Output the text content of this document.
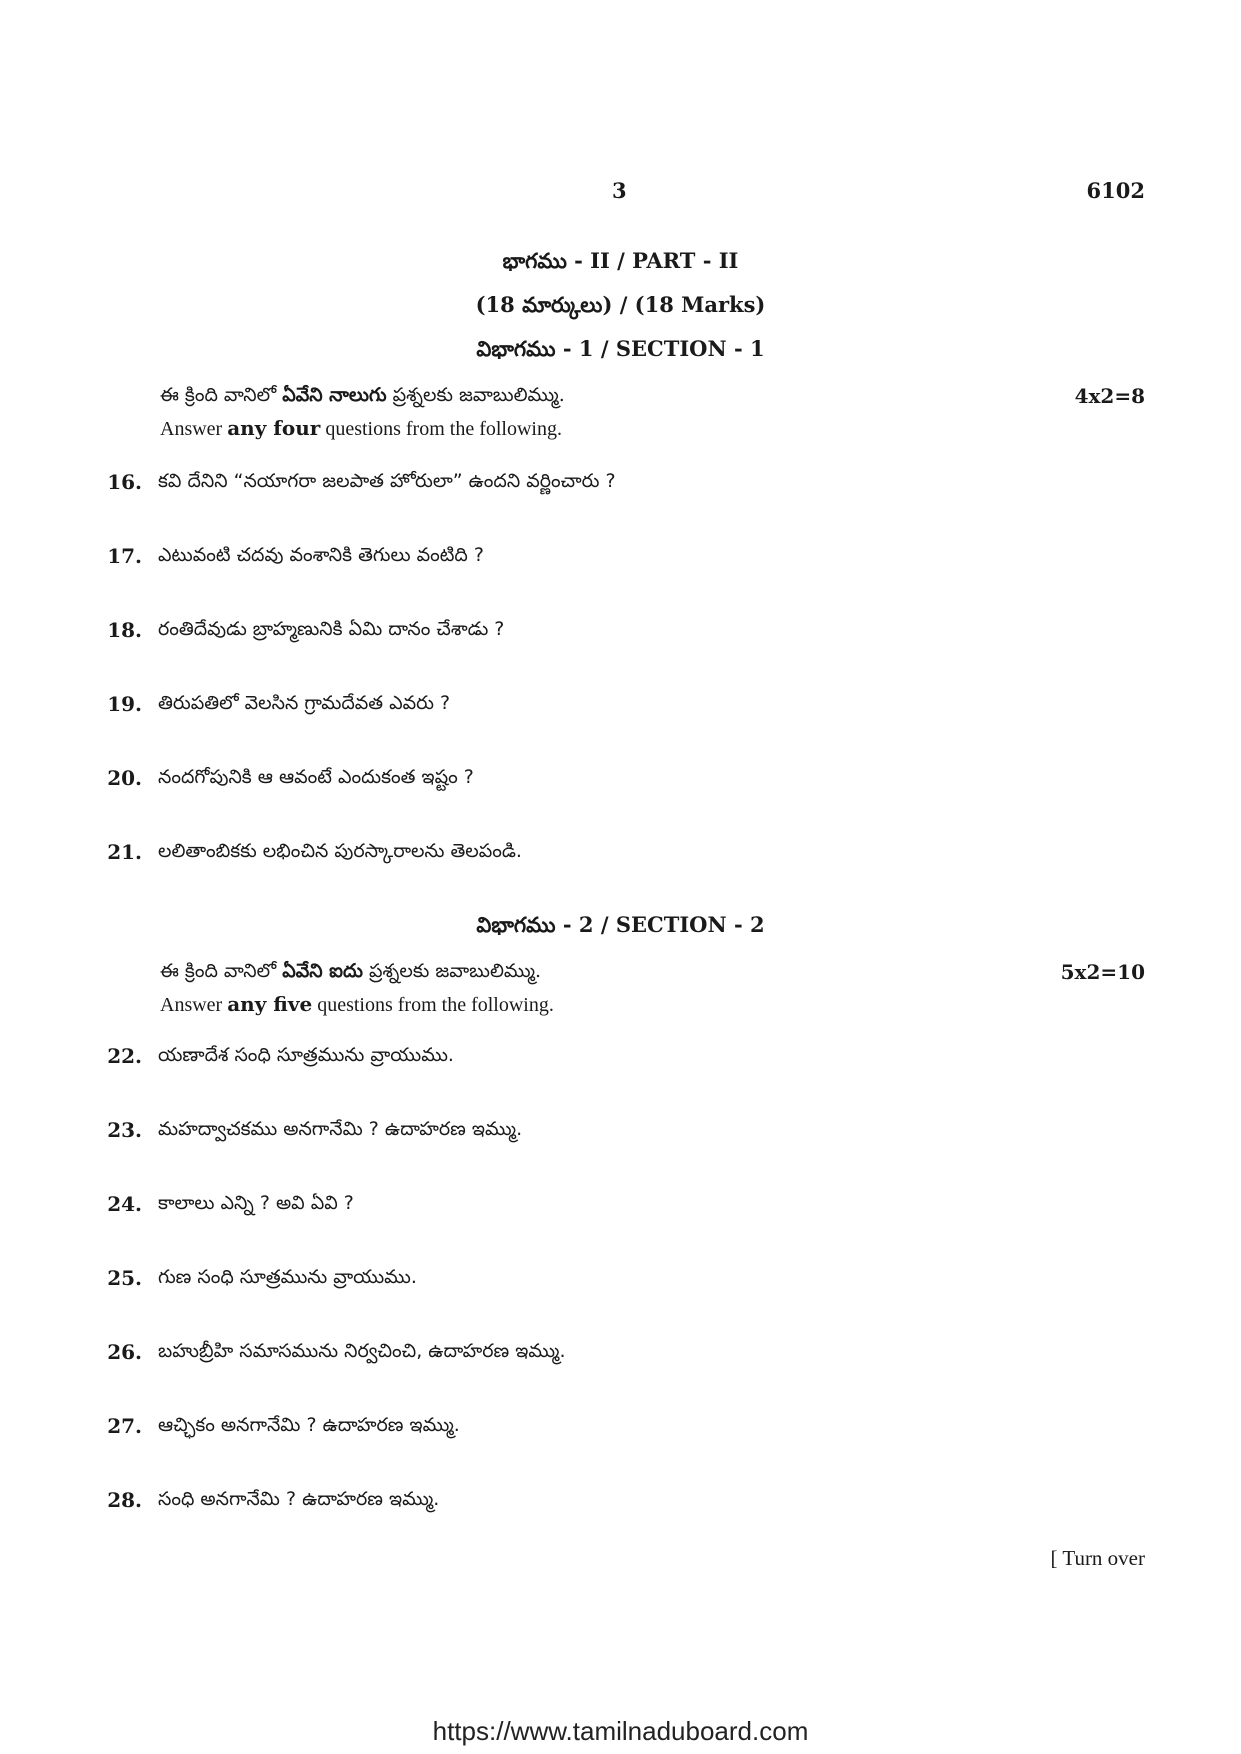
3	6102
భాగము - II / PART - II
(18 మార్కులు) / (18 Marks)
విభాగము - 1 / SECTION - 1
ఈ క్రింది వానిలో ఏవేని నాలుగు ప్రశ్నలకు జవాబులిమ్ము.	4x2=8
Answer any four questions from the following.
16. కవి దేనిని “నయాగరా జలపాత హోరులా” ఉందని వర్ణించారు ?
17. ఎటువంటి చదవు వంశానికి తెగులు వంటిది ?
18. రంతిదేవుడు బ్రాహ్మణునికి ఏమి దానం చేశాడు ?
19. తిరుపతిలో వెలసిన గ్రామదేవత ఎవరు ?
20. నందగోపునికి ఆ ఆవంటే ఎందుకంత ఇష్టం ?
21. లలితాంబికకు లభించిన పురస్కారాలను తెలపండి.
విభాగము - 2 / SECTION - 2
ఈ క్రింది వానిలో ఏవేని ఐదు ప్రశ్నలకు జవాబులిమ్ము.	5x2=10
Answer any five questions from the following.
22. యణాదేశ సంధి సూత్రమును వ్రాయుము.
23. మహద్వాచకము అనగానేమి ? ఉదాహరణ ఇమ్ము.
24. కాలాలు ఎన్ని ? అవి ఏవి ?
25. గుణ సంధి సూత్రమును వ్రాయుము.
26. బహుబ్రీహి సమాసమును నిర్వచించి, ఉదాహరణ ఇమ్ము.
27. ఆచ్ఛికం అనగానేమి ? ఉదాహరణ ఇమ్ము.
28. సంధి అనగానేమి ? ఉదాహరణ ఇమ్ము.
[ Turn over
https://www.tamilnaduboard.com
